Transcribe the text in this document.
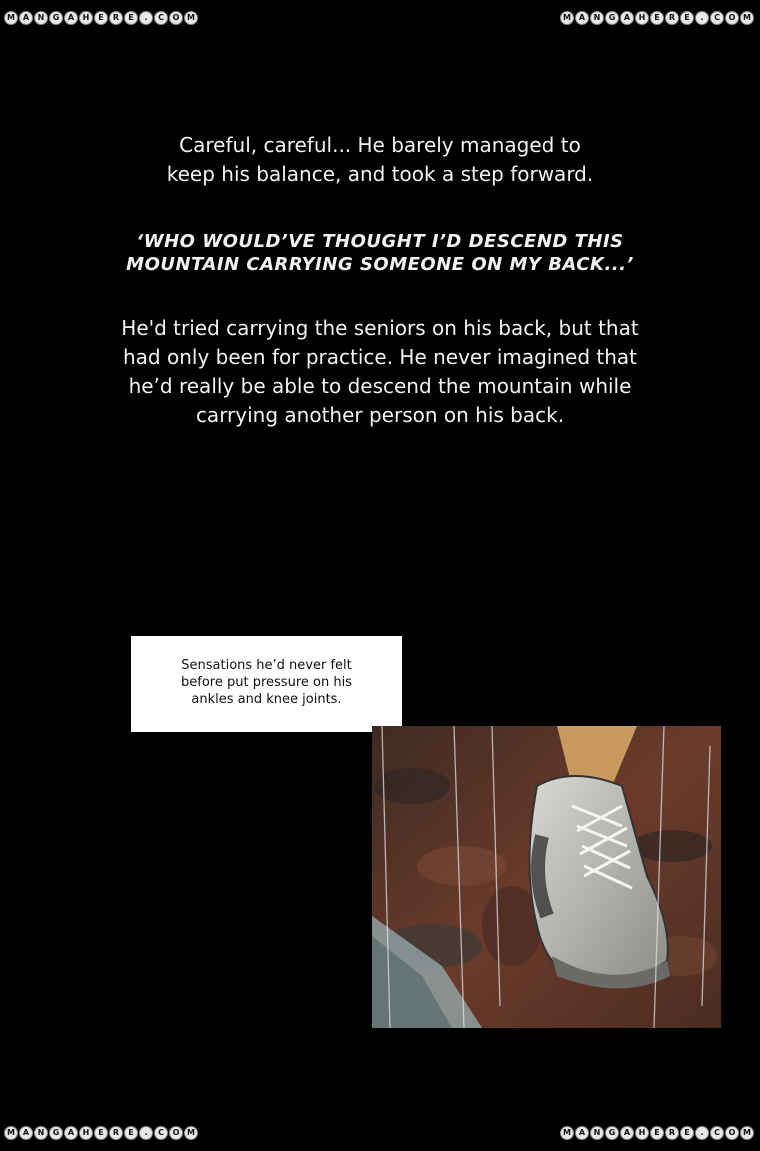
M A	N	G	A	H	E	R	E	.	C	O M	M A	N	G	A	H	E	R	E	.	C	O M
Careful, careful... He barely managed to
keep his balance, and took a step forward.
‘WHO WOULD’VE THOUGHT I’D DESCEND THIS
MOUNTAIN CARRYING SOMEONE ON MY BACK...’
He'd tried carrying the seniors on his back, but that
had only been for practice. He never imagined that
he’d really be able to descend the mountain while
carrying another person on his back.
Sensations he’d never felt
before put pressure on his
ankles and knee joints.
M A	N	G	A	H	E	R	E	.	C	O M	M A	N	G	A	H	E	R	E	.	C	O M
